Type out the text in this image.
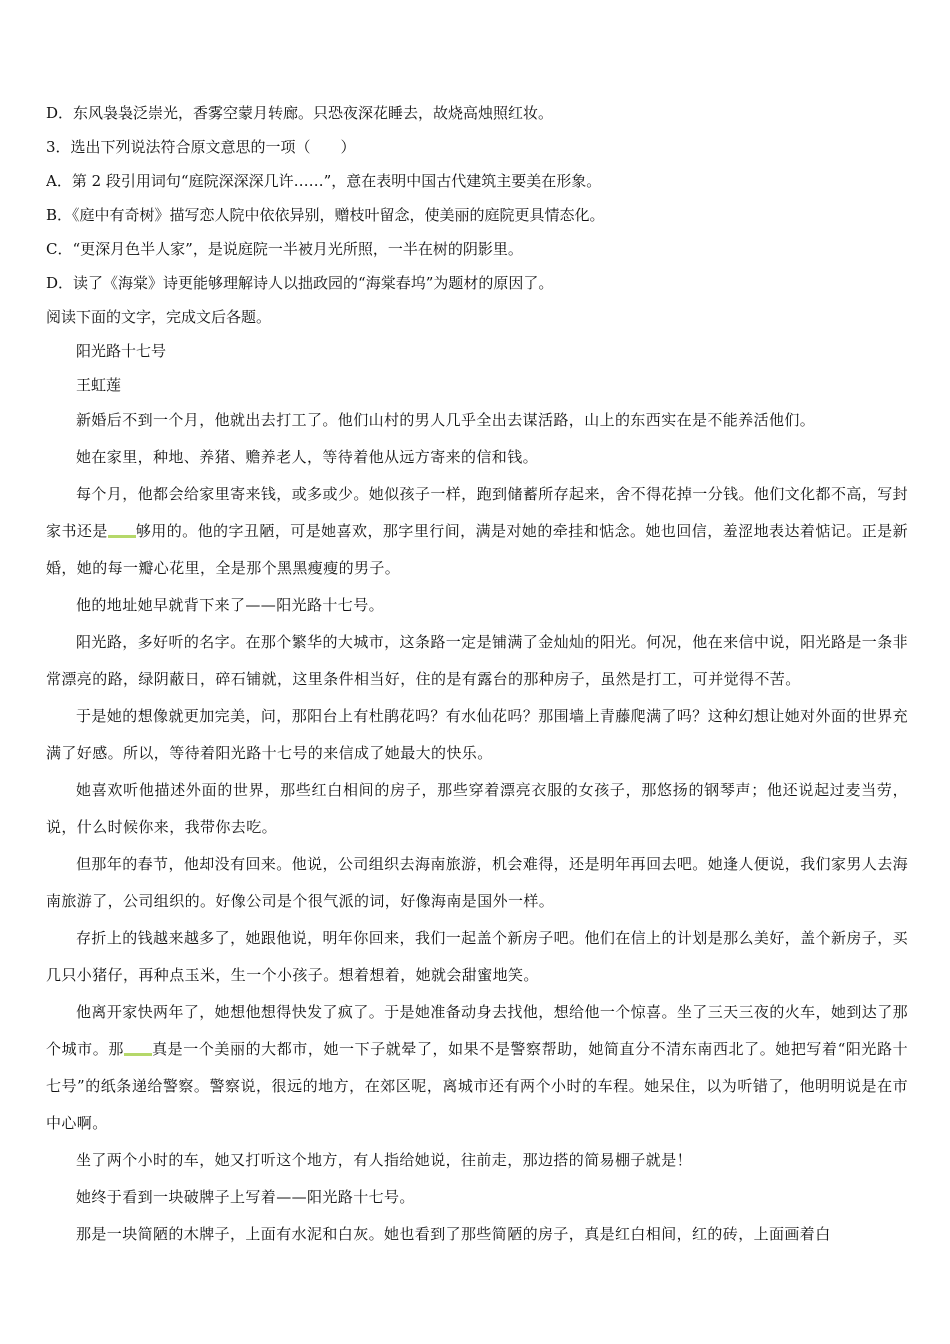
D．东风袅袅泛崇光，香雾空蒙月转廊。只恐夜深花睡去，故烧高烛照红妆。
3．选出下列说法符合原文意思的一项（　　）
A．第 2 段引用词句“庭院深深深几许……”，意在表明中国古代建筑主要美在形象。
B．《庭中有奇树》描写恋人院中依依异别，赠枝叶留念，使美丽的庭院更具情态化。
C．“更深月色半人家”，是说庭院一半被月光所照，一半在树的阴影里。
D．读了《海棠》诗更能够理解诗人以拙政园的“海棠春坞”为题材的原因了。
阅读下面的文字，完成文后各题。
阳光路十七号
王虹莲
新婚后不到一个月，他就出去打工了。他们山村的男人几乎全出去谋活路，山上的东西实在是不能养活他们。
她在家里，种地、养猪、赡养老人，等待着他从远方寄来的信和钱。
每个月，他都会给家里寄来钱，或多或少。她似孩子一样，跑到储蓄所存起来，舍不得花掉一分钱。他们文化都不高，写封家书还是 够用的。他的字丑陋，可是她喜欢，那字里行间，满是对她的牵挂和惦念。她也回信，羞涩地表达着惦记。正是新婚，她的每一瓣心花里，全是那个黑黑瘦瘦的男子。
他的地址她早就背下来了——阳光路十七号。
阳光路，多好听的名字。在那个繁华的大城市，这条路一定是铺满了金灿灿的阳光。何况，他在来信中说，阳光路是一条非常漂亮的路，绿阴蔽日，碎石铺就，这里条件相当好，住的是有露台的那种房子，虽然是打工，可并觉得不苦。
于是她的想像就更加完美，问，那阳台上有杜鹃花吗？有水仙花吗？那围墙上青藤爬满了吗？这种幻想让她对外面的世界充满了好感。所以，等待着阳光路十七号的来信成了她最大的快乐。
她喜欢听他描述外面的世界，那些红白相间的房子，那些穿着漂亮衣服的女孩子，那悠扬的钢琴声；他还说起过麦当劳，说，什么时候你来，我带你去吃。
但那年的春节，他却没有回来。他说，公司组织去海南旅游，机会难得，还是明年再回去吧。她逢人便说，我们家男人去海南旅游了，公司组织的。好像公司是个很气派的词，好像海南是国外一样。
存折上的钱越来越多了，她跟他说，明年你回来，我们一起盖个新房子吧。他们在信上的计划是那么美好，盖个新房子，买几只小猪仔，再种点玉米，生一个小孩子。想着想着，她就会甜蜜地笑。
他离开家快两年了，她想他想得快发了疯了。于是她准备动身去找他，想给他一个惊喜。坐了三天三夜的火车，她到达了那个城市。那 真是一个美丽的大都市，她一下子就晕了，如果不是警察帮助，她简直分不清东南西北了。她把写着“阳光路十七号”的纸条递给警察。警察说，很远的地方，在郊区呢，离城市还有两个小时的车程。她呆住，以为听错了，他明明说是在市中心啊。
坐了两个小时的车，她又打听这个地方，有人指给她说，往前走，那边搭的简易棚子就是！
她终于看到一块破牌子上写着——阳光路十七号。
那是一块简陋的木牌子，上面有水泥和白灰。她也看到了那些简陋的房子，真是红白相间，红的砖，上面画着白
